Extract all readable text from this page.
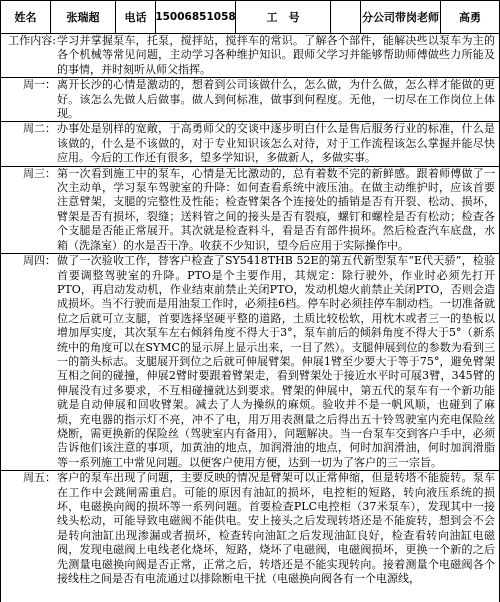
姓名	张瑞超	电话 15006851058	工　号	分公司带岗老师	高勇
工作内容: 学习并掌握泵车，托泵，搅拌站，搅拌车的常识。了解各个部件，能解决些以泵车为主的各个机械等常见问题，主动学习各种维护知识。跟师父学习并能够帮助师傅做些力所能及的事情，并时刻听从师父指挥。
周一： 离开长沙的心情是激动的，想着到公司该做什么，怎么做，为什么做，怎么样才能做的更好。该怎么先做人后做事。做人到何标准，做事到何程度。无他，一切尽在工作岗位上体现。
周二： 办事处是别样的宽敞，于高勇师父的交谈中逐步明白什么是售后服务行业的标准，什么是该做的，什么是不该做的，对于专业知识该怎么对待，对于工作流程该怎么掌握并能尽快应用。今后的工作还有很多，望多学知识，多做新人，多做实事。
周三： 第一次看到施工中的泵车，心情是无比激动的，总有着数不完的新鲜感。跟着师傅做了一次主动单，学习泵车驾驶室的升降：如何查看系统中液压油。在做主动维护时，应该首要注意臂架，支腿的完整性及性能；检查臂架各个连接处的插销是否有开裂、松动、损坏，臂架是否有损坏，裂缝；送料管之间的接头是否有裂痕，螺钉和螺栓是否有松动；检查各个支腿是否能正常展开。其次就是检查料斗，看是否有部件损坏。然后检查汽车底盘，水箱（洗涤室）的水是否干净。收获不少知识，望今后应用于实际操作中。
周四： 做了一次验收工作，替客户检查了SY5418THB 52E的第五代新型泵车“E代天骄”，检验首要调整驾驶室的升降。PTO是个主要作用，其规定：除行驶外，作业时必须先打开PTO，再启动发动机，作业结束前禁止关闭PTO，发动机熄火前禁止关闭PTO，否则会造成损坏。当不行驶而是用油泵工作时，必须挂6档。停车时必须挂停车制动档。一切准备就位之后就可立支腿，首要选择坚硬平整的道路，土质比较松软，用枕木或者三一的垫板以增加厚实度，其次泵车左右倾斜角度不得大于3°，泵车前后的倾斜角度不得大于5°（新系统中的角度可以在SYMC的显示屏上显示出来，一目了然）。支腿伸展到位的参数为看到三一的箭头标志。支腿展开到位之后就可伸展臂架。伸展1臂至少要大于等于75°，避免臂架互相之间的碰撞，伸展2臂时要跟着臂架走，看到臂架处于接近水平时可展3臂，345臂的伸展没有过多要求，不互相碰撞就达到要求。臂架的伸展中，第五代的泵车有一个新功能就是自动伸展和回收臂架。减去了人为操纵的麻烦。验收并不是一帆风顺，也碰到了麻烦，充电器的指示灯不亮，冲不了电，用万用表测量之后得出五十铃驾驶室内充电保险丝烧断，需更换新的保险丝（驾驶室内有备用），问题解决。当一台泵车交到客户手中，必须告诉他们该注意的事项，加黄油的地点，加润滑油的地点，何时加润滑油，何时加润滑脂等一系列施工中常见问题。以便客户使用方便，达到一切为了客户的三一宗旨。
周五： 客户的泵车出现了问题，主要反映的情况是臂架可以正常伸缩，但是转塔不能旋转。泵车在工作中会跳闸需重启。可能的原因有油缸的损坏，电控柜的短路，转向液压系统的损坏，电磁换向阀的损坏等一系列问题。首要检查PLC电控柜（37米泵车），发现其中一接线头松动，可能导致电磁阀不能供电。安上接头之后发现转塔还是不能旋转，想到会不会是转向油缸出现渗漏或者损坏，检查转向油缸之后发现油缸良好，检查看转向油缸电磁阀，发现电磁阀上电线老化烧坏，短路，烧坏了电磁阀，电磁阀损坏，更换一个新的之后先测量电磁换向阀是否正常，正常之后，转塔还是不能实现转向。接着测量个电磁阀各个接线柱之间是否有电流通过以排除断电干扰（电磁换向阀各有一个电源线，
